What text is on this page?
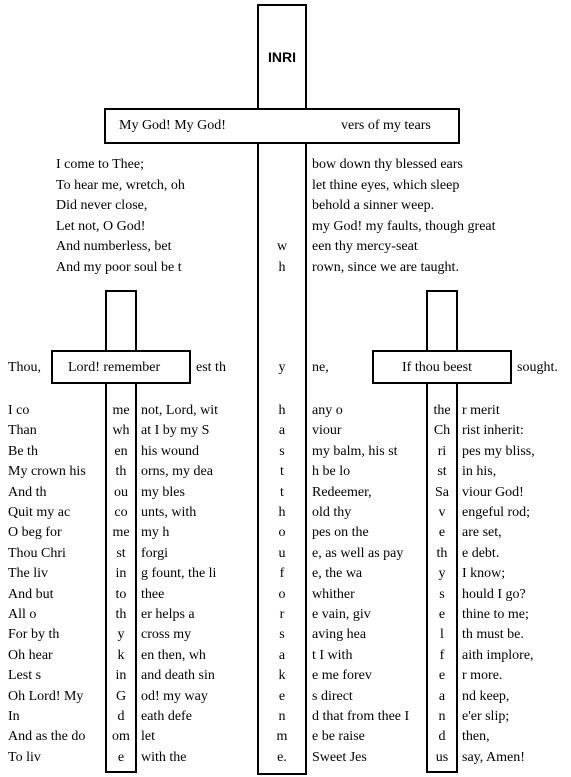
INRI
My God! My God!	vers of my tears
I come to Thee;	bow down thy blessed ears
To hear me, wretch, oh	let thine eyes, which sleep
Did never close,	behold a sinner weep.
Let not, O God!	my God! my faults, though great
And numberless, bet	w	een thy mercy-seat
And my poor soul be t	h	rown, since we are taught.
Thou, Lord! remember	est th	y	ne,	If thou beest	sought.
I co	me not, Lord, wit	h	any o	the r merit
Than	wh at I by my S	a	viour	Ch rist inherit:
Be th	en his wound	s	my balm, his st	ri	pes my bliss,
My crown his	th	orns, my dea	t	h be lo	st	in his,
And th	ou my bles	t	Redeemer,	Sa viour God!
Quit my ac	co unts, with	h	old thy	v	engeful rod;
O beg for	me my h	o	pes on the	e	are set,
Thou Chri	st	forgi	u	e, as well as pay	th	e debt.
The liv	in	g fount, the li	f	e, the wa	y	I know;
And but	to	thee	o	whither	s	hould I go?
All o	th	er helps a	r	e vain, giv	e	thine to me;
For by th	y	cross my	s	aving hea	l	th must be.
Oh hear	k	en then, wh	a	t I with	f	aith implore,
Lest s	in	and death sin	k	e me forev	e	r more.
Oh Lord! My	G	od! my way	e	s direct	a	nd keep,
In	d	eath defe	n	d that from thee I	n	e'er slip;
And as the do	om let	m	e be raise	d	then,
To liv	e	with the	e.	Sweet Jes	us say, Amen!
